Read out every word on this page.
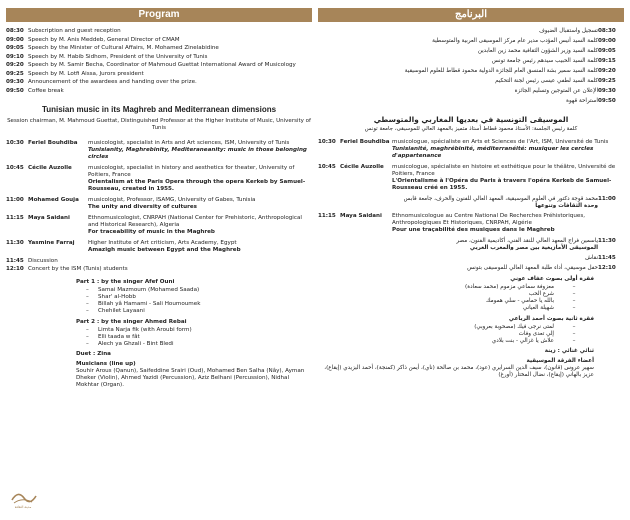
Program
08:30 Subscription and guest reception
09:00 Speech by M. Anis Meddeb, General Director of CMAM
09:05 Speech by the Minister of Cultural Affairs, M. Mohamed Zinelabidine
09:10 Speech by M. Habib Sidhom, President of the University of Tunis
09:20 Speech by M. Samir Becha, Coordinator of Mahmoud Guettat International Award of Musicology
09:25 Speech by M. Lotfi Aissa, Jurors president
09:30 Announcement of the awardees and handing over the prize.
09:50 Coffee break
Tunisian music in its Maghreb and Mediterranean dimensions
Session chairman, M. Mahmoud Guettat, Distinguished Professor at the Higher Institute of Music, University of Tunis
10:30 Feriel Bouhdiba	musicologist, specialist in Arts and Art sciences, ISM, University of Tunis
Tunisianity, Maghrebinity, Mediteraneanity: music in those belonging circles
10:45 Cécile Auzolle	musicologist, specialist in history and aesthetics for theater, University of Poitiers, France
Orientalism at the Paris Opera through the opera Kerkeb by Samuel-Rousseau, created in 1955.
11:00 Mohamed Gouja	musicologist, Professor, ISAMG, University of Gabes, Tunisia
The unity and diversity of cultures
11:15 Maya Saidani	Ethnomusicologist, CNRPAH (National Center for Prehistoric, Anthropological and Historical Research), Algeria
For traceability of music in the Maghreb
11:30 Yasmine Farraj	Higher Institute of Art criticism, Arts Academy, Egypt
Amazigh music between Egypt and the Maghreb
11:45 Discussion
12:10 Concert by the ISM (Tunis) students
Part 1 : by the singer Afef Ouni
–	Samai Mazmoum (Mohamed Saada)
–	Shar' al-Hobb
–	Billah yâ Hamami - Sali Houmoumek
–	Chehilet Layaani
Part 2 : by the singer Ahmed Rebai
–	Limta Narja fik (with Aroubi form)
–	Elli taada w fât
–	Alech ya Ghzali - Bint Bledi
Duet : Zina
Musicians (line up)
Souhir Arous (Qanun), Saifeddine Srairi (Oud), Mohamed Ben Salha (Nây), Ayman Dheker (Violin), Ahmed Yazidi (Percussion), Aziz Belhani (Percussion), Nidhal Mokhtar (Organ).
مدينة الثقافة
البرنامج
08:30
تسجيل واستقبال الضيوف
09:00
كلمة السيد أنيس المؤدب مدير عام مركز الموسيقى العربية والمتوسطية
09:05
كلمة السيد وزير الشؤون الثقافية محمد زين العابدين
09:15
كلمة السيد الحبيب سيدهم رئيس جامعة تونس
09:20
كلمة السيد سمير بشة المنسق العام للجائزة الدولية محمود قطاط للعلوم الموسيقية
09:25
كلمة السيد لطفي عيسى رئيس لجنة التحكيم
09:30
الإعلان عن المتوجين وتسليم الجائزة
09:50
استراحة قهوة
الموسيقى التونسية في بعديها المغاربي والمتوسطي
كلمة رئيس الجلسة: الأستاذ محمود قطاط أستاذ متميز بالمعهد العالي للموسيقى، جامعة تونس
10:30 Feriel Bouhdiba musicologue, spécialiste en Arts et Sciences de l'Art, ISM, Université de Tunis
Tunisianité, maghrébinité, méditerranéité: musiquer les cercles d'appartenance
10:45 Cécile Auzolle	musicologue, spécialiste en histoire et esthétique pour le théâtre, Université de Poitiers, France
L'Orientalisme à l'Opéra du Paris à travers l'opéra Kerkeb de Samuel-Rousseau créé en 1955.
11:00
محمد قوجة دكتور في العلوم الموسيقية، المعهد العالي للفنون والحرف، جامعة قابس
وحدة الثقافات وتنوعها
11:15 Maya Saidani	Ethnomusicologue au Centre National De Recherches Préhistoriques, Anthropologiques Et Historiques, CNRPAH, Algérie
Pour une traçabilité des musiques dans le Maghreb
11:30
ياسمين فراج المعهد العالي للنقد الفني، أكاديمية الفنون، مصر
الموسيقى الأمازيغية بين مصر والمغرب العربي
11:45
نقاش
12:10
حفل موسيقي، أداء طلبة المعهد العالي للموسيقى بتونس
فقرة أولى بصوت عفاف عوني
–
معزوفة سماعي مزموم (محمد سعادة)
–
شرع الحب
–
بالله يا حمامي - سلي همومك
–
شهيلة العياني
فقرة ثانية بصوت أحمد الرباعي
–
لمتى نرجى فيك (مصحوبة بعروبي)
–
إلي تعدى وفات
–
علاش يا غزالي - بنت بلادي
ثنائي غنائي : زينة
أعضاء الفرقة الموسيقية
سهير عروس (قانون)، سيف الدين السرايري (عود)، محمد بن صالحة (ناي)، أيمن ذاكر (كمنجة)، أحمد اليزيدي (إيقاع)، عزيز بالهاني (إيقاع)، نضال المختار (أورغ)
